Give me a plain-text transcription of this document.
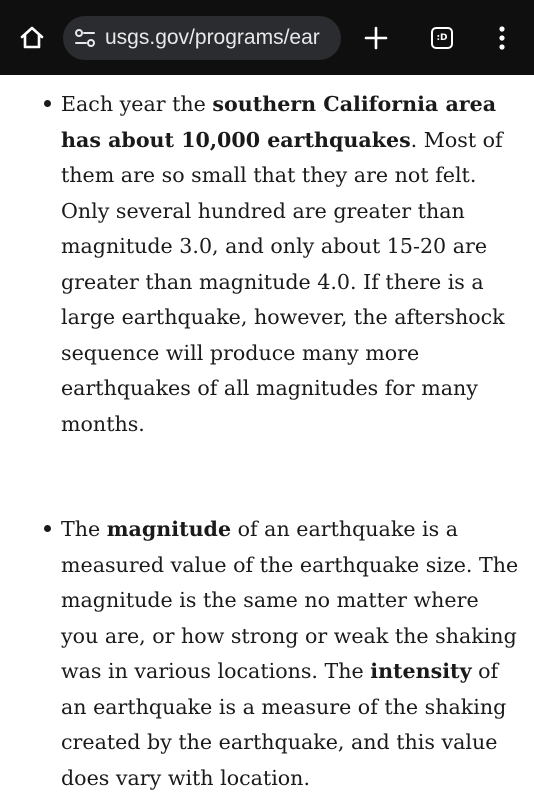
usgs.gov/programs/ear	:D
Each year the southern California area has about 10,000 earthquakes. Most of them are so small that they are not felt. Only several hundred are greater than magnitude 3.0, and only about 15-20 are greater than magnitude 4.0. If there is a large earthquake, however, the aftershock sequence will produce many more earthquakes of all magnitudes for many months.
The magnitude of an earthquake is a measured value of the earthquake size. The magnitude is the same no matter where you are, or how strong or weak the shaking was in various locations. The intensity of an earthquake is a measure of the shaking created by the earthquake, and this value does vary with location.
